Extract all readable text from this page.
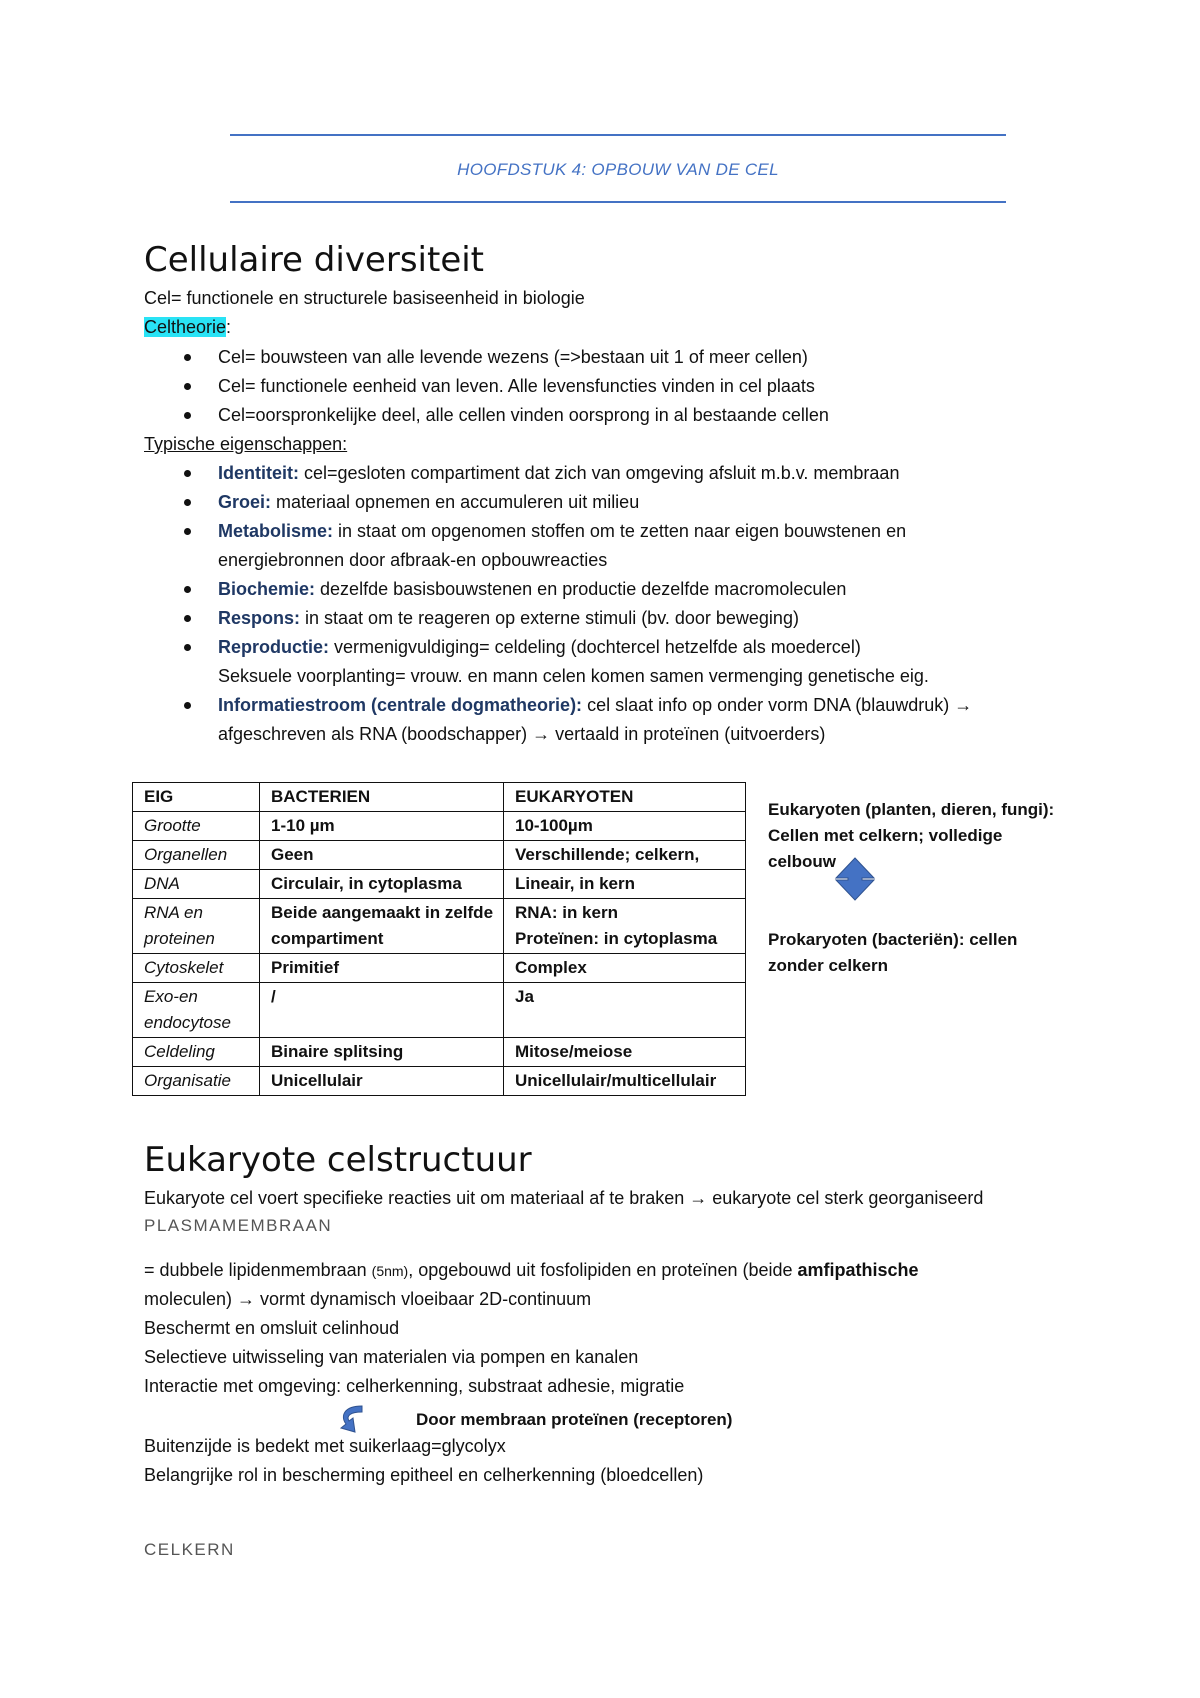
HOOFDSTUK 4: OPBOUW VAN DE CEL
Cellulaire diversiteit
Cel= functionele en structurele basiseenheid in biologie
Celtheorie:
Cel= bouwsteen van alle levende wezens (=>bestaan uit 1 of meer cellen)
Cel= functionele eenheid van leven. Alle levensfuncties vinden in cel plaats
Cel=oorspronkelijke deel, alle cellen vinden oorsprong in al bestaande cellen
Typische eigenschappen:
Identiteit: cel=gesloten compartiment dat zich van omgeving afsluit m.b.v. membraan
Groei: materiaal opnemen en accumuleren uit milieu
Metabolisme: in staat om opgenomen stoffen om te zetten naar eigen bouwstenen en
energiebronnen door afbraak-en opbouwreacties
Biochemie: dezelfde basisbouwstenen en productie dezelfde macromoleculen
Respons: in staat om te reageren op externe stimuli (bv. door beweging)
Reproductie: vermenigvuldiging= celdeling (dochtercel hetzelfde als moedercel)
Seksuele voorplanting= vrouw. en mann celen komen samen vermenging genetische eig.
Informatiestroom (centrale dogmatheorie): cel slaat info op onder vorm DNA (blauwdruk) →
afgeschreven als RNA (boodschapper) → vertaald in proteïnen (uitvoerders)
EIG	BACTERIEN	EUKARYOTEN
Grootte	1-10 µm	10-100µm
Organellen	Geen	Verschillende; celkern,
DNA	Circulair, in cytoplasma	Lineair, in kern
RNA en proteinen	Beide aangemaakt in zelfde compartiment	RNA: in kern
Proteïnen: in cytoplasma
Cytoskelet	Primitief	Complex
Exo-en endocytose	/	Ja
Celdeling	Binaire splitsing	Mitose/meiose
Organisatie	Unicellulair	Unicellulair/multicellulair
Eukaryoten (planten, dieren, fungi):
Cellen met celkern; volledige
celbouw
Prokaryoten (bacteriën): cellen
zonder celkern
Eukaryote celstructuur
Eukaryote cel voert specifieke reacties uit om materiaal af te braken → eukaryote cel sterk georganiseerd
PLASMAMEMBRAAN
= dubbele lipidenmembraan (5nm), opgebouwd uit fosfolipiden en proteïnen (beide amfipathische
moleculen) → vormt dynamisch vloeibaar 2D-continuum
Beschermt en omsluit celinhoud
Selectieve uitwisseling van materialen via pompen en kanalen
Interactie met omgeving: celherkenning, substraat adhesie, migratie
Door membraan proteïnen (receptoren)
Buitenzijde is bedekt met suikerlaag=glycolyx
Belangrijke rol in bescherming epitheel en celherkenning (bloedcellen)
CELKERN
